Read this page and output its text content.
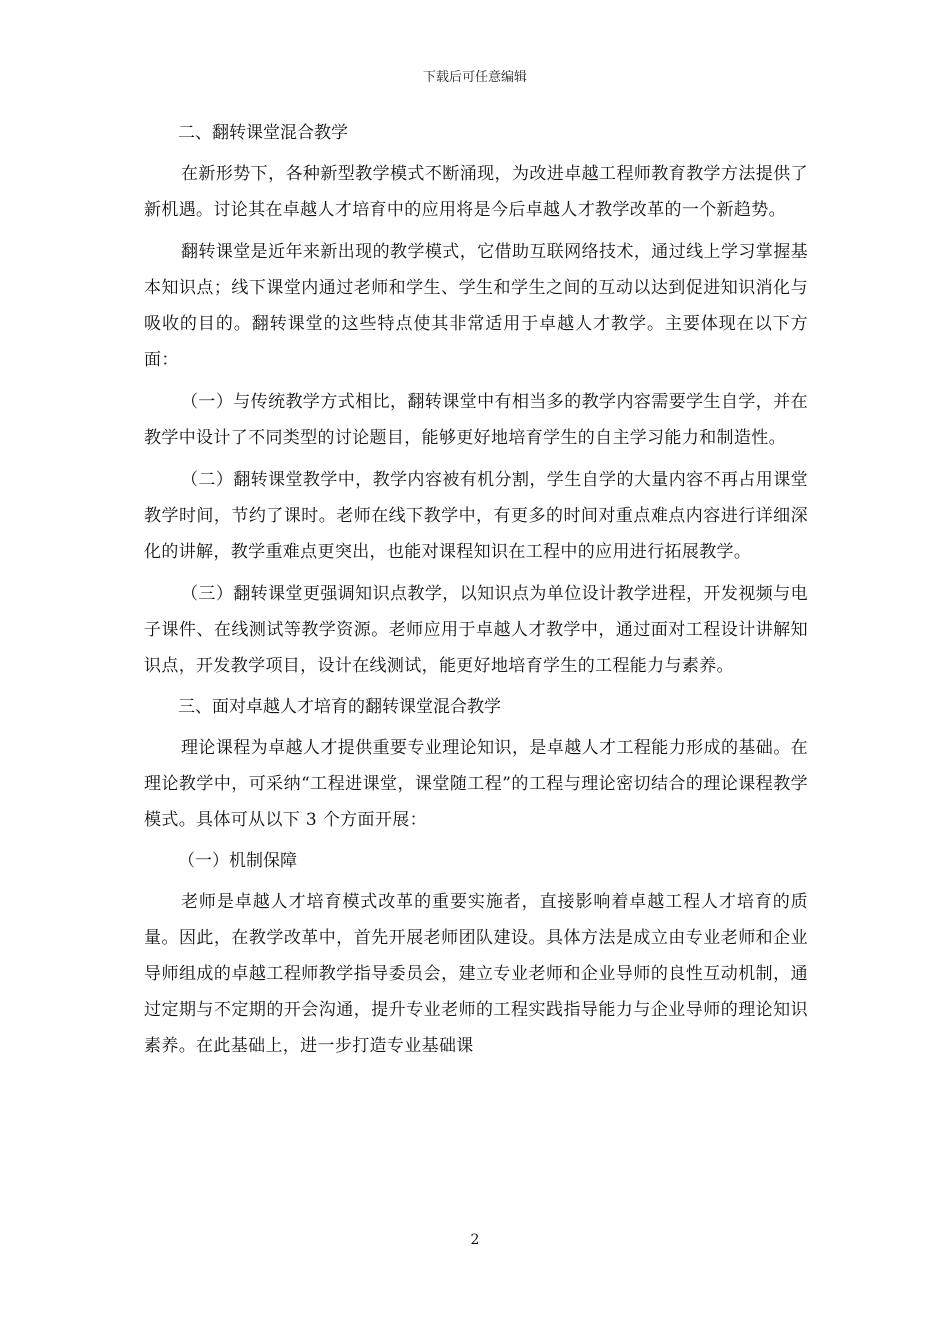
下载后可任意编辑
二、翻转课堂混合教学

在新形势下，各种新型教学模式不断涌现，为改进卓越工程师教育教学方法提供了新机遇。讨论其在卓越人才培育中的应用将是今后卓越人才教学改革的一个新趋势。

翻转课堂是近年来新出现的教学模式，它借助互联网络技术，通过线上学习掌握基本知识点；线下课堂内通过老师和学生、学生和学生之间的互动以达到促进知识消化与吸收的目的。翻转课堂的这些特点使其非常适用于卓越人才教学。主要体现在以下方面：

（一）与传统教学方式相比，翻转课堂中有相当多的教学内容需要学生自学，并在教学中设计了不同类型的讨论题目，能够更好地培育学生的自主学习能力和制造性。

（二）翻转课堂教学中，教学内容被有机分割，学生自学的大量内容不再占用课堂教学时间，节约了课时。老师在线下教学中，有更多的时间对重点难点内容进行详细深化的讲解，教学重难点更突出，也能对课程知识在工程中的应用进行拓展教学。

（三）翻转课堂更强调知识点教学，以知识点为单位设计教学进程，开发视频与电子课件、在线测试等教学资源。老师应用于卓越人才教学中，通过面对工程设计讲解知识点，开发教学项目，设计在线测试，能更好地培育学生的工程能力与素养。

三、面对卓越人才培育的翻转课堂混合教学

理论课程为卓越人才提供重要专业理论知识，是卓越人才工程能力形成的基础。在理论教学中，可采纳“工程进课堂，课堂随工程”的工程与理论密切结合的理论课程教学模式。具体可从以下 3 个方面开展：

（一）机制保障

老师是卓越人才培育模式改革的重要实施者，直接影响着卓越工程人才培育的质量。因此，在教学改革中，首先开展老师团队建设。具体方法是成立由专业老师和企业导师组成的卓越工程师教学指导委员会，建立专业老师和企业导师的良性互动机制，通过定期与不定期的开会沟通，提升专业老师的工程实践指导能力与企业导师的理论知识素养。在此基础上，进一步打造专业基础课

2
